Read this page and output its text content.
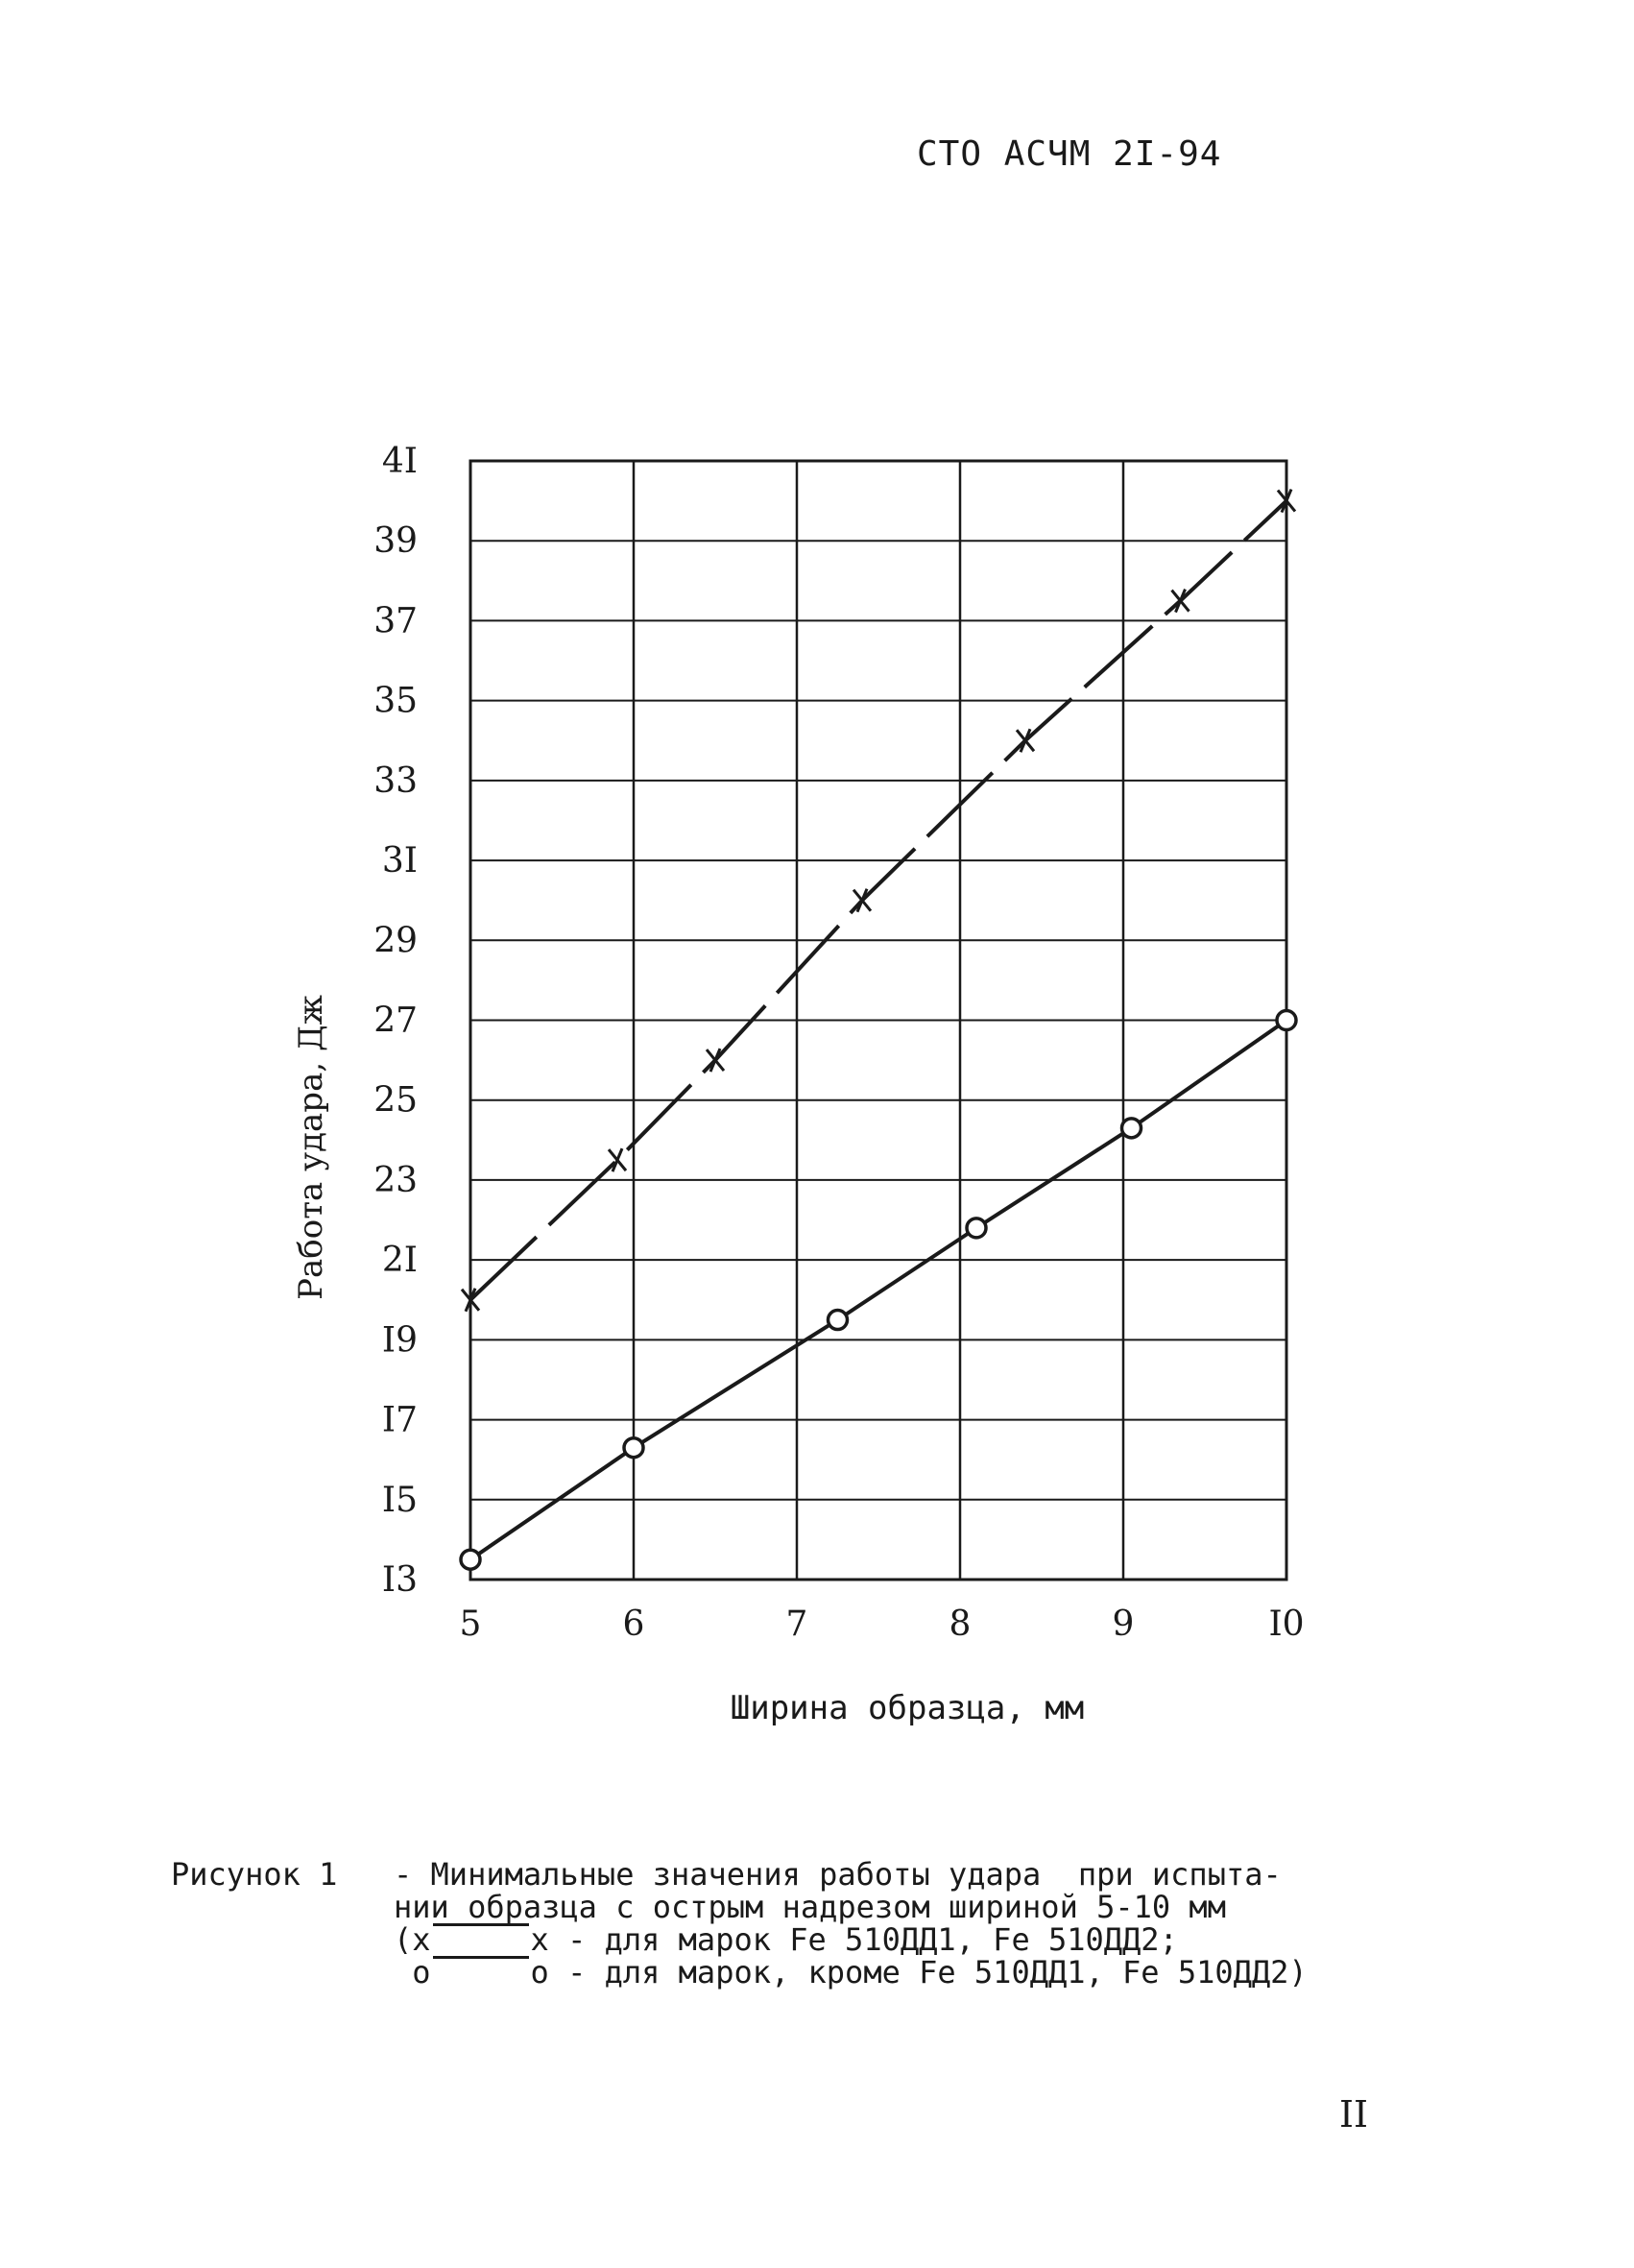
СТО АСЧМ 2I-94
I3
I5
I7
I9
2I
23
25
27
29
3I
33
35
37
39
4I
5	6	7	8	9	I0
Ширина образца, мм
Работа удара, Дж
Рисунок 1	- Минимальные значения работы удара  при испыта-
нии образца с острым надрезом шириной 5-10 мм
(x	x - для марок Fe 510ДД1, Fe 510ДД2;

o	o - для марок, кроме Fe 510ДД1, Fe 510ДД2)
II
